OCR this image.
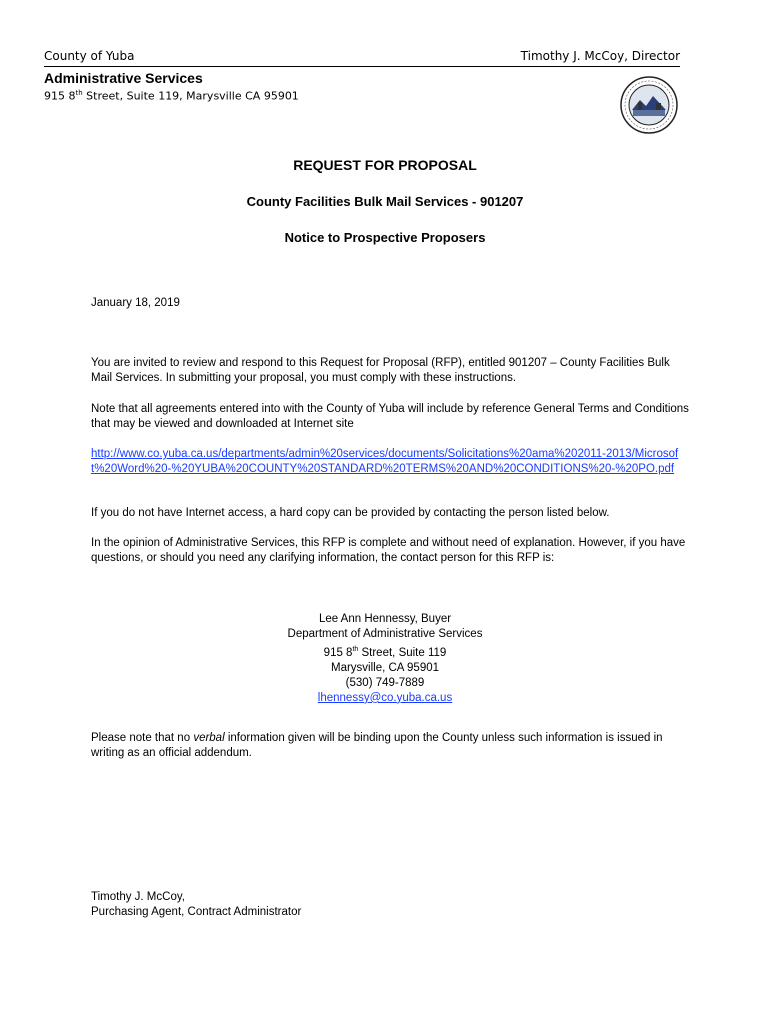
County of Yuba	Timothy J. McCoy, Director
Administrative Services
915 8th Street, Suite 119, Marysville CA 95901
REQUEST FOR PROPOSAL
County Facilities Bulk Mail Services - 901207
Notice to Prospective Proposers
January 18, 2019
You are invited to review and respond to this Request for Proposal (RFP), entitled 901207 – County Facilities Bulk Mail Services. In submitting your proposal, you must comply with these instructions.
Note that all agreements entered into with the County of Yuba will include by reference General Terms and Conditions that may be viewed and downloaded at Internet site
http://www.co.yuba.ca.us/departments/admin%20services/documents/Solicitations%20ama%202011-2013/Microsoft%20Word%20-%20YUBA%20COUNTY%20STANDARD%20TERMS%20AND%20CONDITIONS%20-%20PO.pdf
If you do not have Internet access, a hard copy can be provided by contacting the person listed below.
In the opinion of Administrative Services, this RFP is complete and without need of explanation. However, if you have questions, or should you need any clarifying information, the contact person for this RFP is:
Lee Ann Hennessy, Buyer
Department of Administrative Services
915 8th Street, Suite 119
Marysville, CA 95901
(530) 749-7889
lhennessy@co.yuba.ca.us
Please note that no verbal information given will be binding upon the County unless such information is issued in writing as an official addendum.
Timothy J. McCoy,
Purchasing Agent, Contract Administrator
